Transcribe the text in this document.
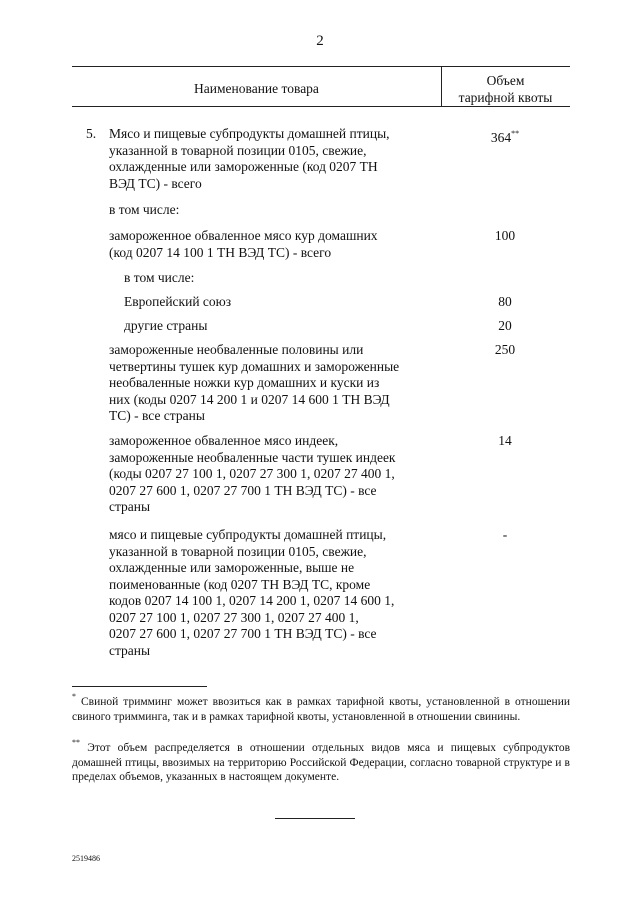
2
Наименование товара
Объем
тарифной квоты
5. Мясо и пищевые субпродукты домашней птицы,
указанной в товарной позиции 0105, свежие,
охлажденные или замороженные (код 0207 ТН
ВЭД ТС) - всего
364**
в том числе:
замороженное обваленное мясо кур домашних
(код 0207 14 100 1 ТН ВЭД ТС) - всего
100
в том числе:
Европейский союз	80
другие страны	20
замороженные необваленные половины или
четвертины тушек кур домашних и замороженные
необваленные ножки кур домашних и куски из
них (коды 0207 14 200 1 и 0207 14 600 1 ТН ВЭД
ТС) - все страны
250
замороженное обваленное мясо индеек,
замороженные необваленные части тушек индеек
(коды 0207 27 100 1, 0207 27 300 1, 0207 27 400 1,
0207 27 600 1, 0207 27 700 1 ТН ВЭД ТС) - все
страны
14
мясо и пищевые субпродукты домашней птицы,
указанной в товарной позиции 0105, свежие,
охлажденные или замороженные, выше не
поименованные (код 0207 ТН ВЭД ТС, кроме
кодов 0207 14 100 1, 0207 14 200 1, 0207 14 600 1,
0207 27 100 1, 0207 27 300 1, 0207 27 400 1,
0207 27 600 1, 0207 27 700 1 ТН ВЭД ТС) - все
страны
-
* Свиной тримминг может ввозиться как в рамках тарифной квоты, установленной в отношении свиного тримминга, так и в рамках тарифной квоты, установленной в отношении свинины.
** Этот объем распределяется в отношении отдельных видов мяса и пищевых субпродуктов домашней птицы, ввозимых на территорию Российской Федерации, согласно товарной структуре и в пределах объемов, указанных в настоящем документе.
2519486
